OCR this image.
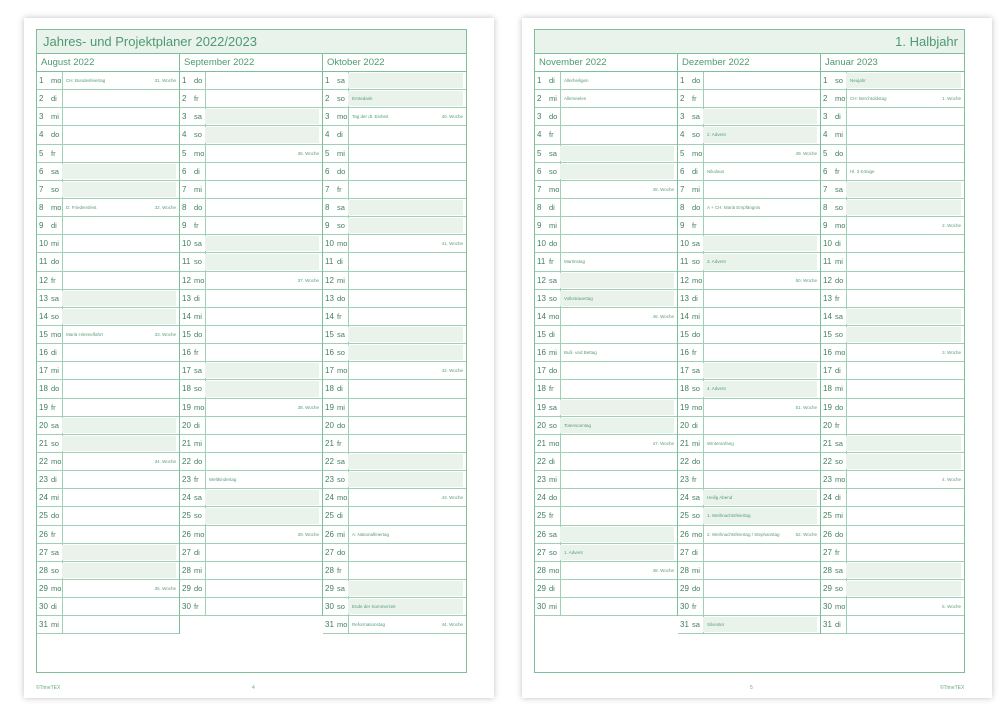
Jahres- und Projektplaner 2022/2023
August 2022
1	mo	CH: Bundesfeiertag	31. Woche
2	di
3	mi
4	do
5	fr
6	sa
7	so
8	mo	D: Friedensfest	32. Woche
9	di
10 mi
11 do
12 fr
13 sa
14 so
15 mo	Mariä Himmelfahrt	33. Woche
16 di
17 mi
18 do
19 fr
20 sa
21 so
22 mo	34. Woche
23 di
24 mi
25 do
26 fr
27 sa
28 so
29 mo	35. Woche
30 di
31 mi
September 2022
1	do
2	fr
3	sa
4	so
5	mo	36. Woche
6	di
7	mi
8	do
9	fr
10 sa
11 so
12 mo	37. Woche
13 di
14 mi
15 do
16 fr
17 sa
18 so
19 mo	38. Woche
20 di
21 mi
22 do
23 fr	Weltkindertag
24 sa
25 so
26 mo	39. Woche
27 di
28 mi
29 do
30 fr
Oktober 2022
1	sa
2	so	Erntedank
3	mo	Tag der dt. Einheit	40. Woche
4	di
5	mi
6	do
7	fr
8	sa
9	so
10 mo	41. Woche
11 di
12 mi
13 do
14 fr
15 sa
16 so
17 mo	42. Woche
18 di
19 mi
20 do
21 fr
22 sa
23 so
24 mo	43. Woche
25 di
26 mi	A: Nationalfeiertag
27 do
28 fr
29 sa
30 so	Ende der Sommerzeit
31 mo	Reformationstag	44. Woche
©TimeTEX	4
1. Halbjahr
November 2022
1	di	Allerheiligen
2	mi	Allerseelen
3	do
4	fr
5	sa
6	so
7	mo	45. Woche
8	di
9	mi
10 do
11 fr	Martinstag
12 sa
13 so	Volkstrauertag
14 mo	46. Woche
15 di
16 mi	Buß- und Bettag
17 do
18 fr
19 sa
20 so	Totensonntag
21 mo	47. Woche
22 di
23 mi
24 do
25 fr
26 sa
27 so	1. Advent
28 mo	48. Woche
29 di
30 mi
Dezember 2022
1	do
2	fr
3	sa
4	so	2. Advent
5	mo	49. Woche
6	di	Nikolaus
7	mi
8	do	A + CH: Mariä Empfängnis
9	fr
10 sa
11 so	3. Advent
12 mo	50. Woche
13 di
14 mi
15 do
16 fr
17 sa
18 so	4. Advent
19 mo	51. Woche
20 di
21 mi	Winteranfang
22 do
23 fr
24 sa	Heilig Abend
25 so	1. Weihnachtsfeiertag
26 mo	2. Weihnachtsfeiertag / Stephanstag	52. Woche
27 di
28 mi
29 do
30 fr
31 sa	Silvester
Januar 2023
1	so	Neujahr
2	mo	CH: Berchtoldstag	1. Woche
3	di
4	mi
5	do
6	fr	Hl. 3 Könige
7	sa
8	so
9	mo	2. Woche
10 di
11 mi
12 do
13 fr
14 sa
15 so
16 mo	3. Woche
17 di
18 mi
19 do
20 fr
21 sa
22 so
23 mo	4. Woche
24 di
25 mi
26 do
27 fr
28 sa
29 so
30 mo	5. Woche
31 di
5	©TimeTEX
